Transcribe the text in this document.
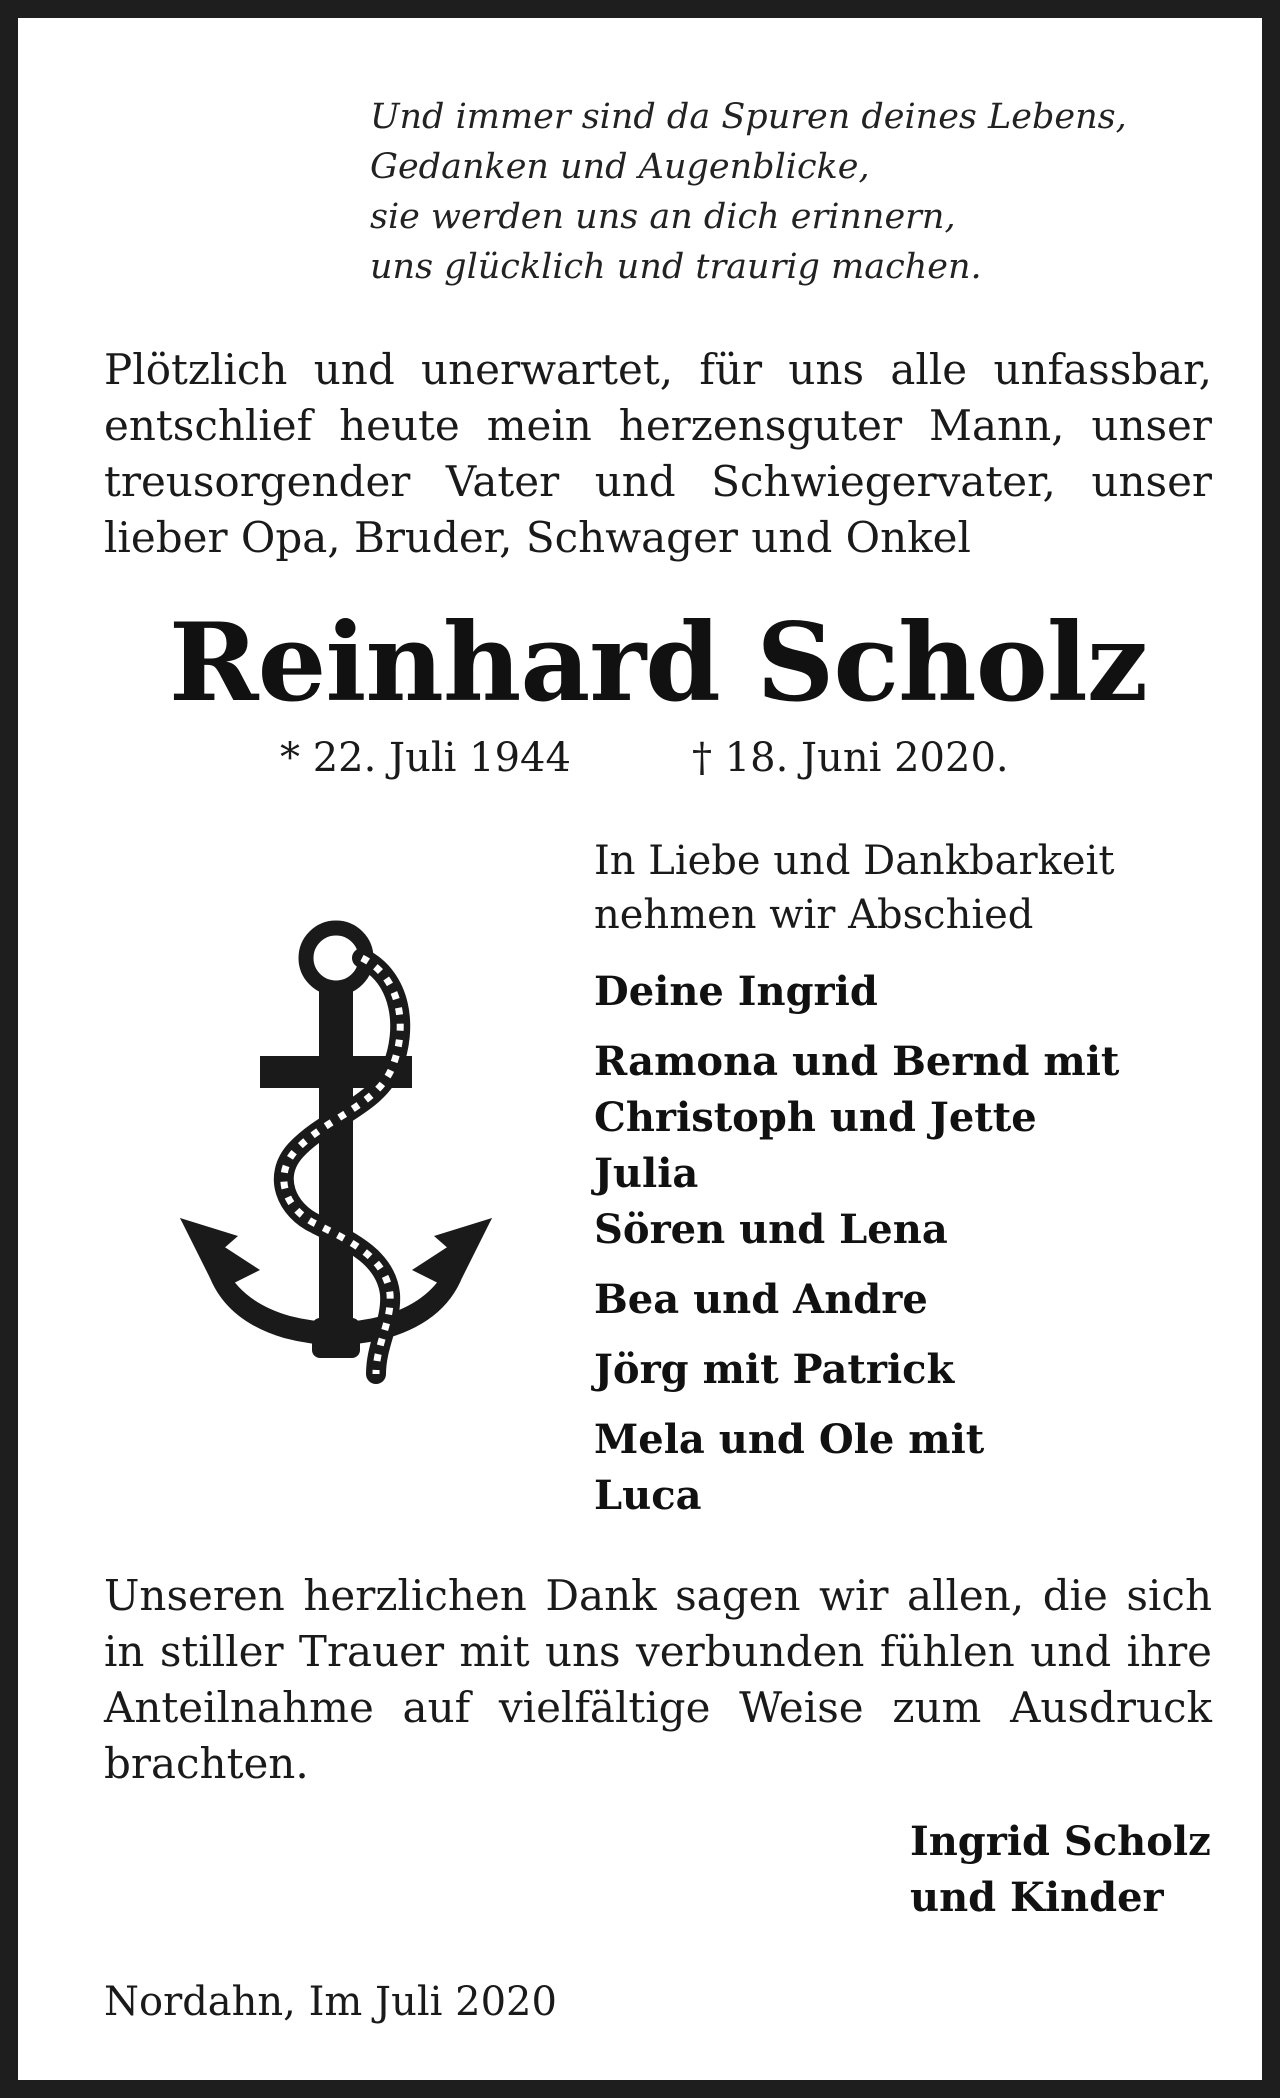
Und immer sind da Spuren deines Lebens,
Gedanken und Augenblicke,
sie werden uns an dich erinnern,
uns glücklich und traurig machen.
Plötzlich und unerwartet, für uns alle unfassbar, entschlief heute mein herzensguter Mann, unser treusorgender Vater und Schwiegervater, unser lieber Opa, Bruder, Schwager und Onkel
Reinhard Scholz
* 22. Juli 1944	† 18. Juni 2020.
In Liebe und Dankbarkeit
nehmen wir Abschied
Deine Ingrid
Ramona und Bernd mit
Christoph und Jette
Julia
Sören und Lena
Bea und Andre
Jörg mit Patrick
Mela und Ole mit
Luca
Unseren herzlichen Dank sagen wir allen, die sich in stiller Trauer mit uns verbunden fühlen und ihre Anteilnahme auf vielfältige Weise zum Ausdruck brachten.
Ingrid Scholz
und Kinder
Nordahn, Im Juli 2020
